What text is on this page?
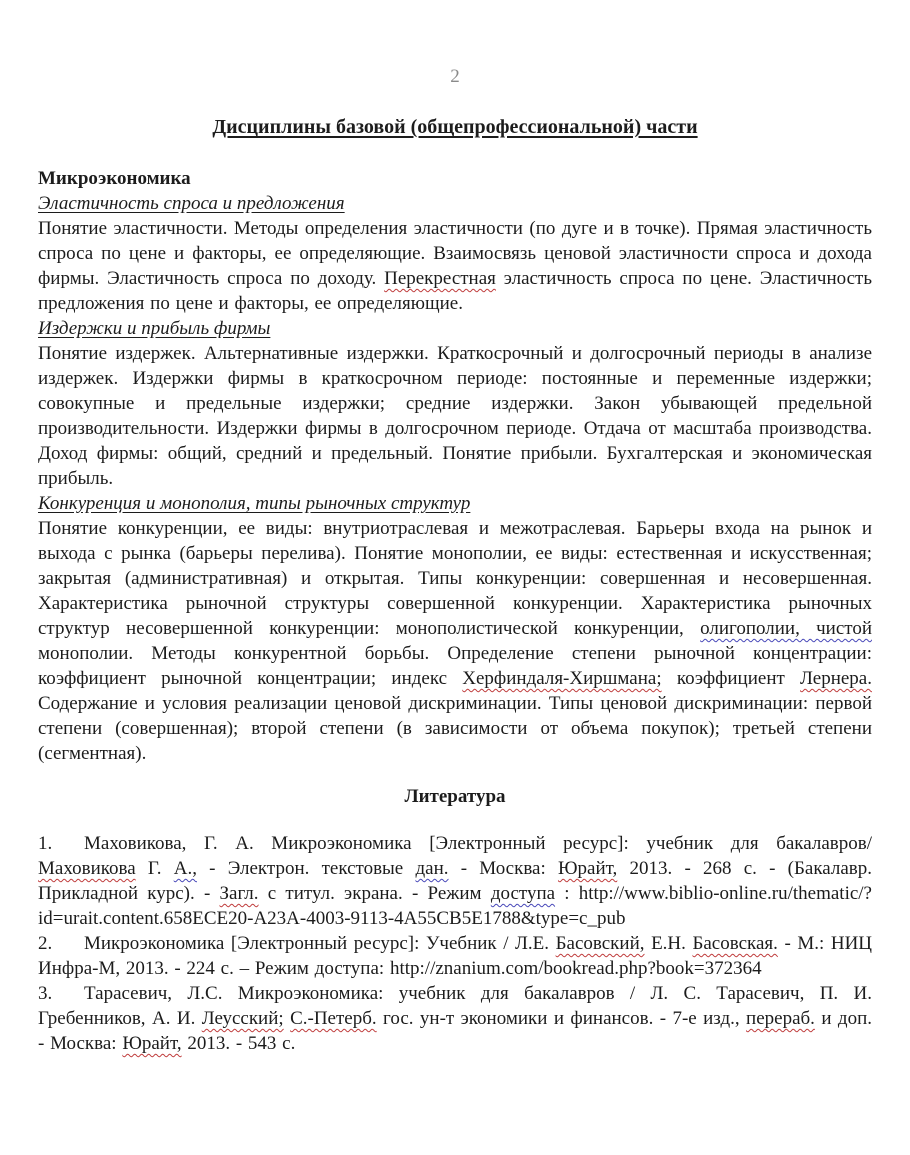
2
Дисциплины базовой (общепрофессиональной) части
Микроэкономика
Эластичность спроса и предложения

Понятие эластичности. Методы определения эластичности (по дуге и в точке). Прямая эластичность спроса по цене и факторы, ее определяющие. Взаимосвязь ценовой эластичности спроса и дохода фирмы. Эластичность спроса по доходу. Перекрестная эластичность спроса по цене. Эластичность предложения по цене и факторы, ее определяющие.

Издержки и прибыль фирмы

Понятие издержек. Альтернативные издержки. Краткосрочный и долгосрочный периоды в анализе издержек. Издержки фирмы в краткосрочном периоде: постоянные и переменные издержки; совокупные и предельные издержки; средние издержки. Закон убывающей предельной производительности. Издержки фирмы в долгосрочном периоде. Отдача от масштаба производства. Доход фирмы: общий, средний и предельный. Понятие прибыли. Бухгалтерская и экономическая прибыль.

Конкуренция и монополия, типы рыночных структур

Понятие конкуренции, ее виды: внутриотраслевая и межотраслевая. Барьеры входа на рынок и выхода с рынка (барьеры перелива). Понятие монополии, ее виды: естественная и искусственная; закрытая (административная) и открытая. Типы конкуренции: совершенная и несовершенная. Характеристика рыночной структуры совершенной конкуренции. Характеристика рыночных структур несовершенной конкуренции: монополистической конкуренции, олигополии, чистой монополии. Методы конкурентной борьбы. Определение степени рыночной концентрации: коэффициент рыночной концентрации; индекс Херфиндаля-Хиршмана; коэффициент Лернера. Содержание и условия реализации ценовой дискриминации. Типы ценовой дискриминации: первой степени (совершенная); второй степени (в зависимости от объема покупок); третьей степени (сегментная).

Литература

1. Маховикова, Г. А. Микроэкономика [Электронный ресурс]: учебник для бакалавров/ Маховикова Г. А., - Электрон. текстовые дан. - Москва: Юрайт, 2013. - 268 с. - (Бакалавр. Прикладной курс). - Загл. с титул. экрана. - Режим доступа : http://www.biblio-online.ru/thematic/?id=urait.content.658ECE20-A23A-4003-9113-4A55CB5E1788&type=c_pub

2. Микроэкономика [Электронный ресурс]: Учебник / Л.Е. Басовский, Е.Н. Басовская. - М.: НИЦ Инфра-М, 2013. - 224 с. – Режим доступа: http://znanium.com/bookread.php?book=372364

3. Тарасевич, Л.С. Микроэкономика: учебник для бакалавров / Л. С. Тарасевич, П. И. Гребенников, А. И. Леусский; С.-Петерб. гос. ун-т экономики и финансов. - 7-е изд., перераб. и доп. - Москва: Юрайт, 2013. - 543 с.
